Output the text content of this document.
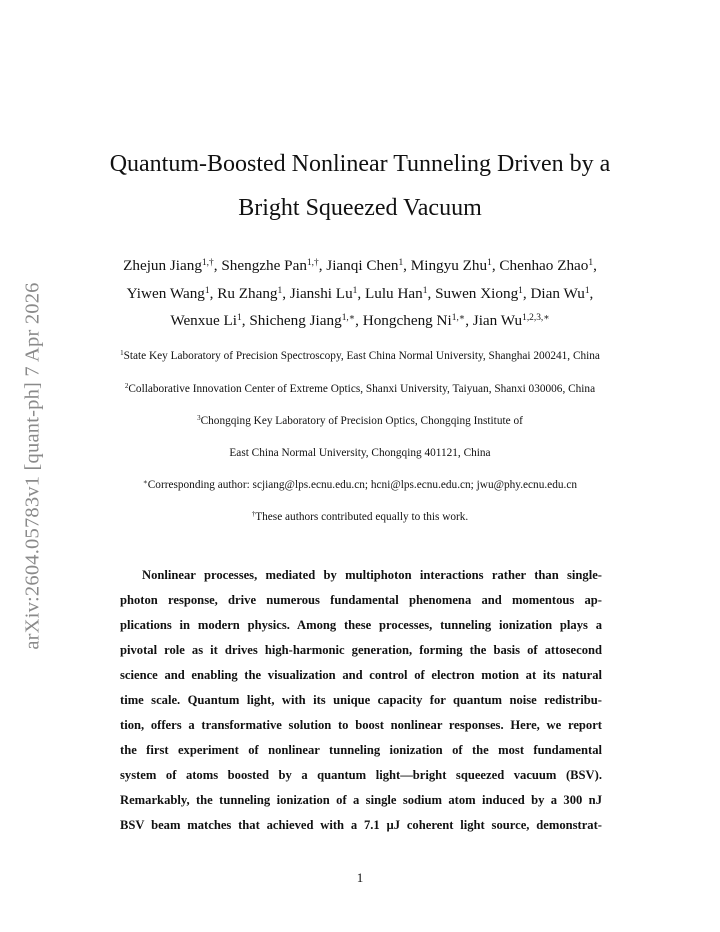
arXiv:2604.05783v1 [quant-ph] 7 Apr 2026
Quantum-Boosted Nonlinear Tunneling Driven by a
Bright Squeezed Vacuum
Zhejun Jiang$^{1,\dagger}$, Shengzhe Pan$^{1,\dagger}$, Jianqi Chen$^1$, Mingyu Zhu$^1$, Chenhao Zhao$^1$,
Yiwen Wang$^1$, Ru Zhang$^1$, Jianshi Lu$^1$, Lulu Han$^1$, Suwen Xiong$^1$, Dian Wu$^1$,
Wenxue Li$^1$, Shicheng Jiang$^{1,∗}$, Hongcheng $Ni^{1,∗}$, Jian $Wu^{1,2,3,∗}$
$^1$State Key Laboratory of Precision Spectroscopy, East China Normal University, Shanghai 200241, China
$^2$Collaborative Innovation Center of Extreme Optics, Shanxi University, Taiyuan, Shanxi 030006, China
$^3$Chongqing Key Laboratory of Precision Optics, Chongqing Institute of
East China Normal University, Chongqing 401121, China
∗Corresponding author: scjiang@lps.ecnu.edu.cn; hcni@lps.ecnu.edu.cn; jwu@phy.ecnu.edu.cn
†These authors contributed equally to this work.
Nonlinear processes, mediated by multiphoton interactions rather than single-
photon response, drive numerous fundamental phenomena and momentous ap-
plications in modern physics. Among these processes, tunneling ionization plays a
pivotal role as it drives high-harmonic generation, forming the basis of attosecond
science and enabling the visualization and control of electron motion at its natural
time scale. Quantum light, with its unique capacity for quantum noise redistribu-
tion, offers a transformative solution to boost nonlinear responses. Here, we report
the first experiment of nonlinear tunneling ionization of the most fundamental
system of atoms boosted by a quantum light—bright squeezed vacuum (BSV).
Remarkably, the tunneling ionization of a single sodium atom induced by a 300 nJ
BSV beam matches that achieved with a 7.1 µJ coherent light source, demonstrat-
1
